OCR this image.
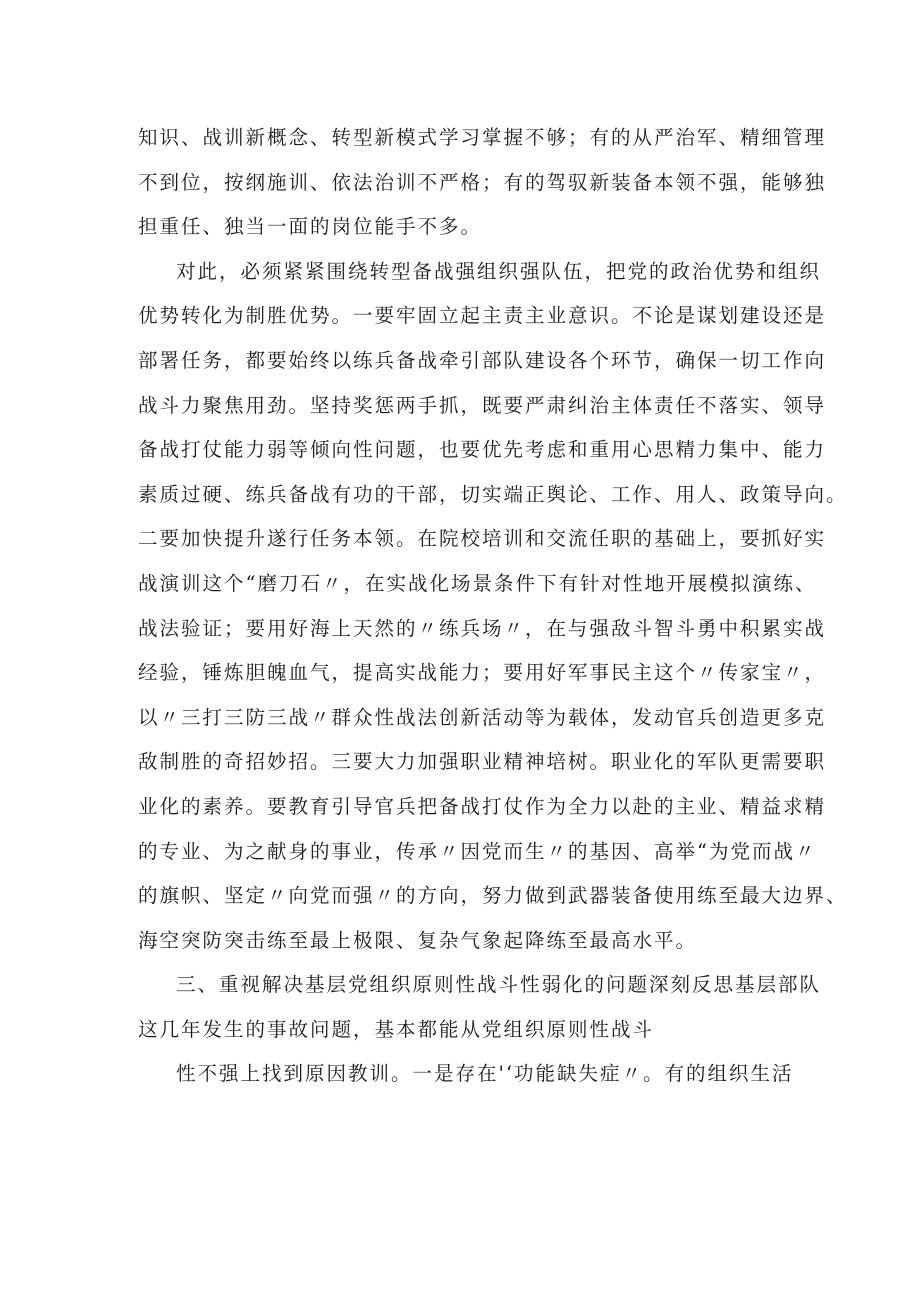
知识、战训新概念、转型新模式学习掌握不够；有的从严治军、精细管理
不到位，按纲施训、依法治训不严格；有的驾驭新装备本领不强，能够独
担重任、独当一面的岗位能手不多。
对此，必须紧紧围绕转型备战强组织强队伍，把党的政治优势和组织
优势转化为制胜优势。一要牢固立起主责主业意识。不论是谋划建设还是
部署任务，都要始终以练兵备战牵引部队建设各个环节，确保一切工作向
战斗力聚焦用劲。坚持奖惩两手抓，既要严肃纠治主体责任不落实、领导
备战打仗能力弱等倾向性问题，也要优先考虑和重用心思精力集中、能力
素质过硬、练兵备战有功的干部，切实端正舆论、工作、用人、政策导向。
二要加快提升遂行任务本领。在院校培训和交流任职的基础上，要抓好实
战演训这个“磨刀石〃，在实战化场景条件下有针对性地开展模拟演练、
战法验证；要用好海上天然的〃练兵场〃，在与强敌斗智斗勇中积累实战
经验，锤炼胆魄血气，提高实战能力；要用好军事民主这个〃传家宝〃，
以〃三打三防三战〃群众性战法创新活动等为载体，发动官兵创造更多克
敌制胜的奇招妙招。三要大力加强职业精神培树。职业化的军队更需要职
业化的素养。要教育引导官兵把备战打仗作为全力以赴的主业、精益求精
的专业、为之献身的事业，传承〃因党而生〃的基因、高举“为党而战〃
的旗帜、坚定〃向党而强〃的方向，努力做到武器装备使用练至最大边界、
海空突防突击练至最上极限、复杂气象起降练至最高水平。
三、重视解决基层党组织原则性战斗性弱化的问题深刻反思基层部队
这几年发生的事故问题，基本都能从党组织原则性战斗
性不强上找到原因教训。一是存在'‘功能缺失症〃。有的组织生活
